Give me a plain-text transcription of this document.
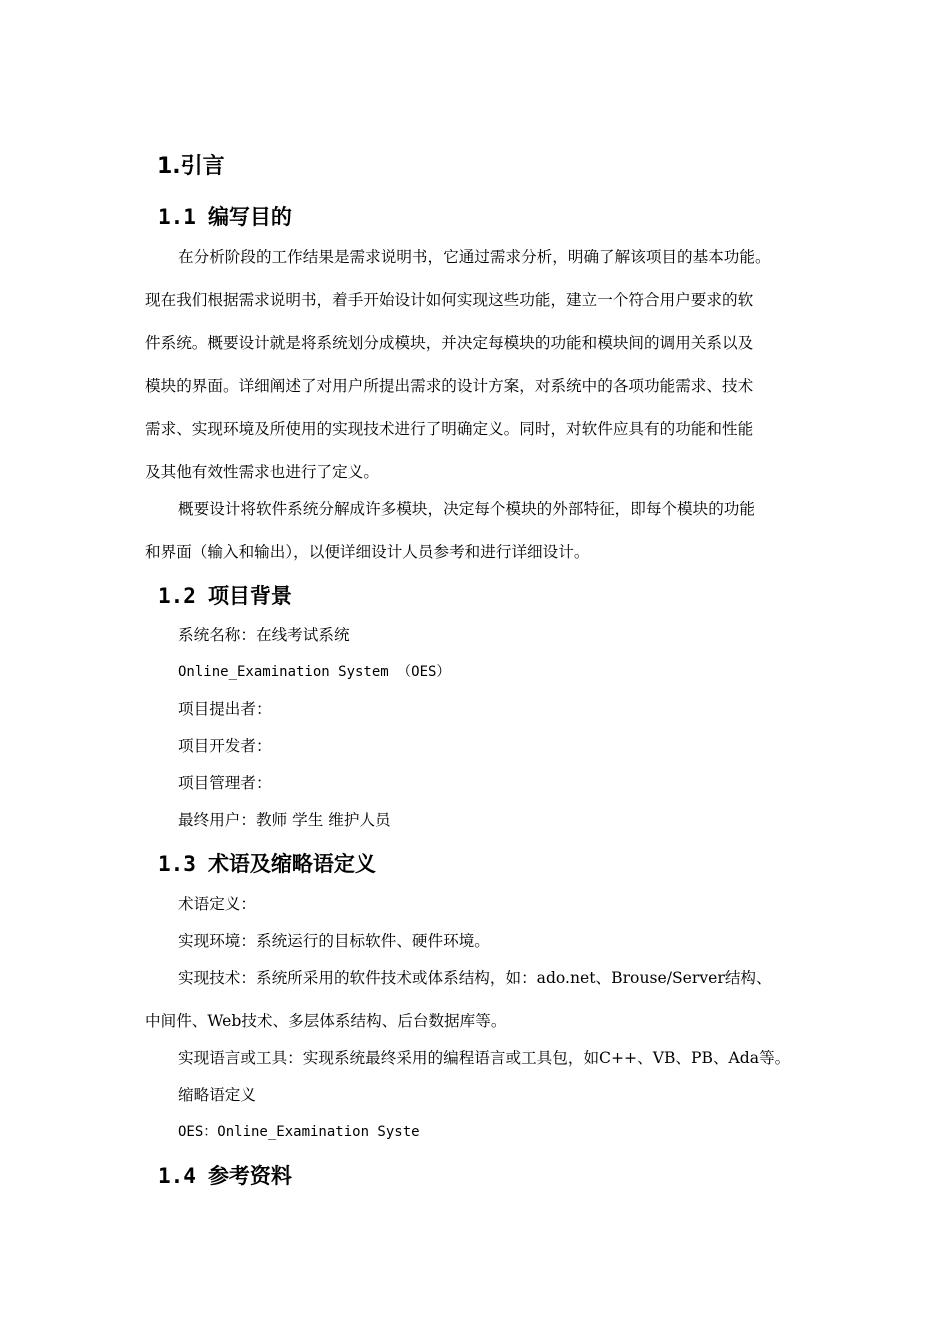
1.引言
1.1 编写目的
在分析阶段的工作结果是需求说明书，它通过需求分析，明确了解该项目的基本功能。
现在我们根据需求说明书，着手开始设计如何实现这些功能，建立一个符合用户要求的软
件系统。概要设计就是将系统划分成模块，并决定每模块的功能和模块间的调用关系以及
模块的界面。详细阐述了对用户所提出需求的设计方案，对系统中的各项功能需求、技术
需求、实现环境及所使用的实现技术进行了明确定义。同时，对软件应具有的功能和性能
及其他有效性需求也进行了定义。
概要设计将软件系统分解成许多模块，决定每个模块的外部特征，即每个模块的功能
和界面（输入和输出），以便详细设计人员参考和进行详细设计。
1.2 项目背景
系统名称：在线考试系统
Online_Examination System （OES）
项目提出者：
项目开发者：
项目管理者：
最终用户：教师 学生 维护人员
1.3 术语及缩略语定义
术语定义：
实现环境：系统运行的目标软件、硬件环境。
实现技术：系统所采用的软件技术或体系结构，如：ado.net、Brouse/Server结构、
中间件、Web技术、多层体系结构、后台数据库等。
实现语言或工具：实现系统最终采用的编程语言或工具包，如C++、VB、PB、Ada等。
缩略语定义
OES：Online_Examination Syste
1.4 参考资料
